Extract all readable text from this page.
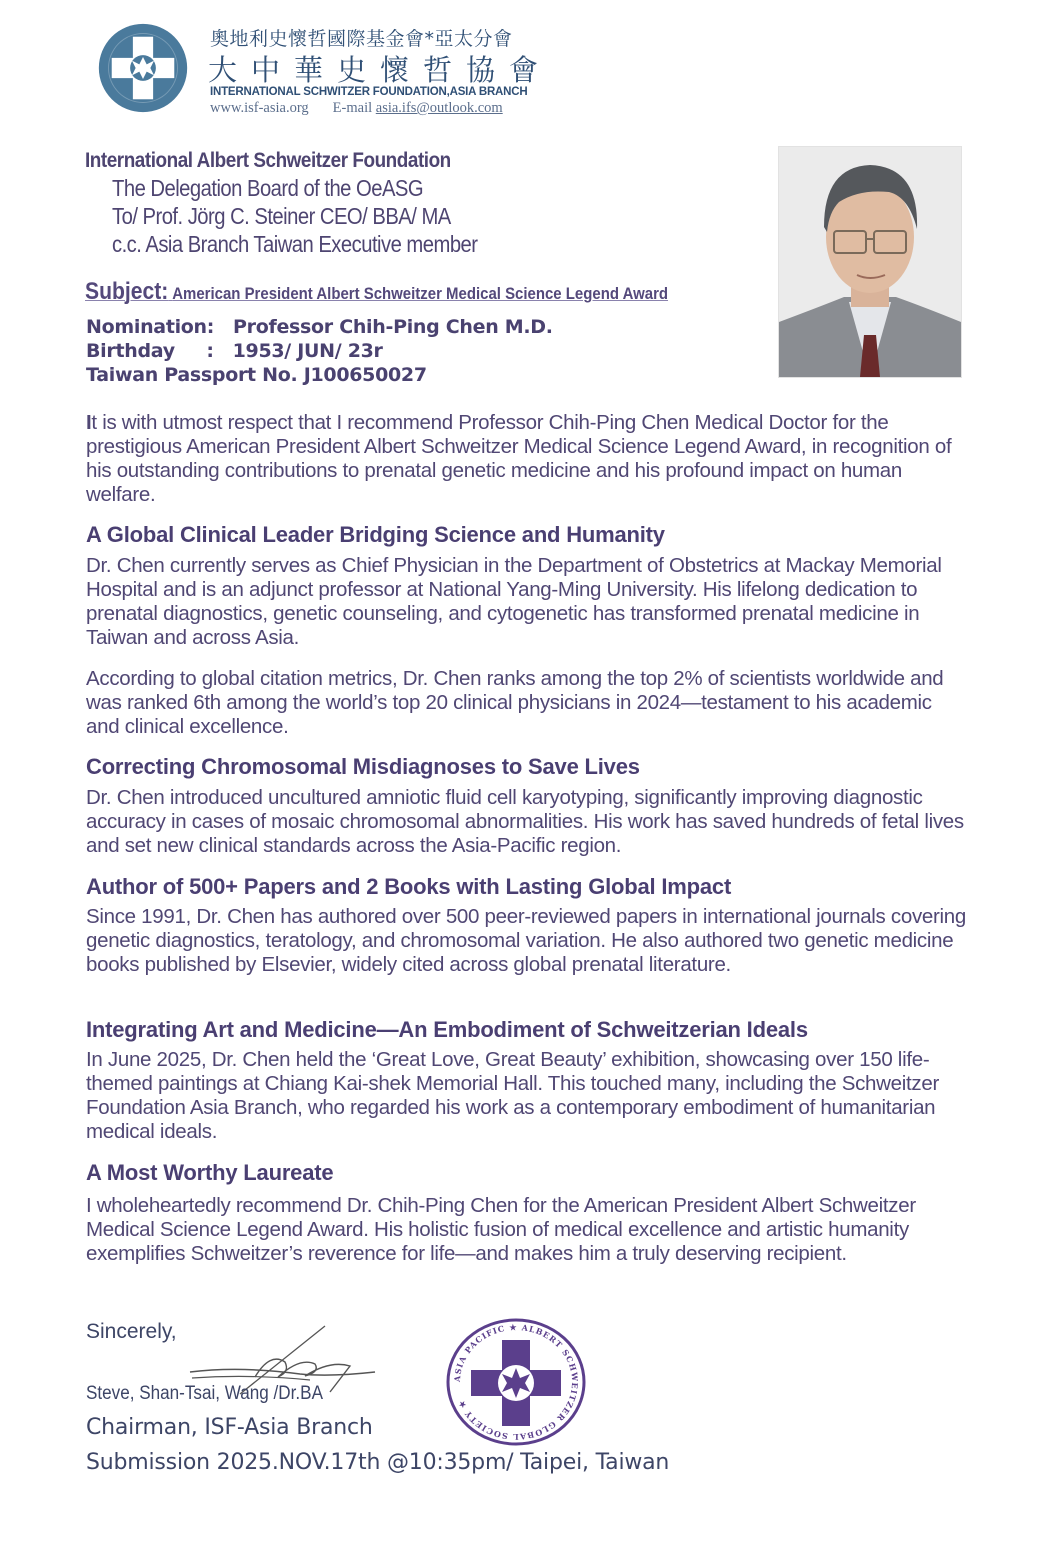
奧地利史懷哲國際基金會*亞太分會
大中華史懷哲協會
INTERNATIONAL SCHWITZER FOUNDATION,ASIA BRANCH
www.isf-asia.org E-mail asia.ifs@outlook.com
International Albert Schweitzer Foundation
The Delegation Board of the OeASG
To/ Prof. Jörg C. Steiner CEO/ BBA/ MA
c.c. Asia Branch Taiwan Executive member
Subject: American President Albert Schweitzer Medical Science Legend Award
Nomination:   Professor Chih-Ping Chen M.D.
Birthday     :   1953/ JUN/ 23r
Taiwan Passport No. J100650027
It is with utmost respect that I recommend Professor Chih-Ping Chen Medical Doctor for the prestigious American President Albert Schweitzer Medical Science Legend Award, in recognition of his outstanding contributions to prenatal genetic medicine and his profound impact on human welfare.
A Global Clinical Leader Bridging Science and Humanity
Dr. Chen currently serves as Chief Physician in the Department of Obstetrics at Mackay Memorial Hospital and is an adjunct professor at National Yang-Ming University. His lifelong dedication to prenatal diagnostics, genetic counseling, and cytogenetic has transformed prenatal medicine in Taiwan and across Asia.
According to global citation metrics, Dr. Chen ranks among the top 2% of scientists worldwide and was ranked 6th among the world’s top 20 clinical physicians in 2024—testament to his academic and clinical excellence.
Correcting Chromosomal Misdiagnoses to Save Lives
Dr. Chen introduced uncultured amniotic fluid cell karyotyping, significantly improving diagnostic accuracy in cases of mosaic chromosomal abnormalities. His work has saved hundreds of fetal lives and set new clinical standards across the Asia-Pacific region.
Author of 500+ Papers and 2 Books with Lasting Global Impact
Since 1991, Dr. Chen has authored over 500 peer-reviewed papers in international journals covering genetic diagnostics, teratology, and chromosomal variation. He also authored two genetic medicine books published by Elsevier, widely cited across global prenatal literature.
Integrating Art and Medicine—An Embodiment of Schweitzerian Ideals
In June 2025, Dr. Chen held the ‘Great Love, Great Beauty’ exhibition, showcasing over 150 life-themed paintings at Chiang Kai-shek Memorial Hall. This touched many, including the Schweitzer Foundation Asia Branch, who regarded his work as a contemporary embodiment of humanitarian medical ideals.
A Most Worthy Laureate
I wholeheartedly recommend Dr. Chih-Ping Chen for the American President Albert Schweitzer Medical Science Legend Award. His holistic fusion of medical excellence and artistic humanity exemplifies Schweitzer’s reverence for life—and makes him a truly deserving recipient.
Sincerely,
Steve, Shan-Tsai, Wang /Dr.BA
Chairman, ISF-Asia Branch
Submission 2025.NOV.17th @10:35pm/ Taipei, Taiwan
ASIA PACIFIC ★ ALBERT SCHWEITZER GLOBAL SOCIETY ★
